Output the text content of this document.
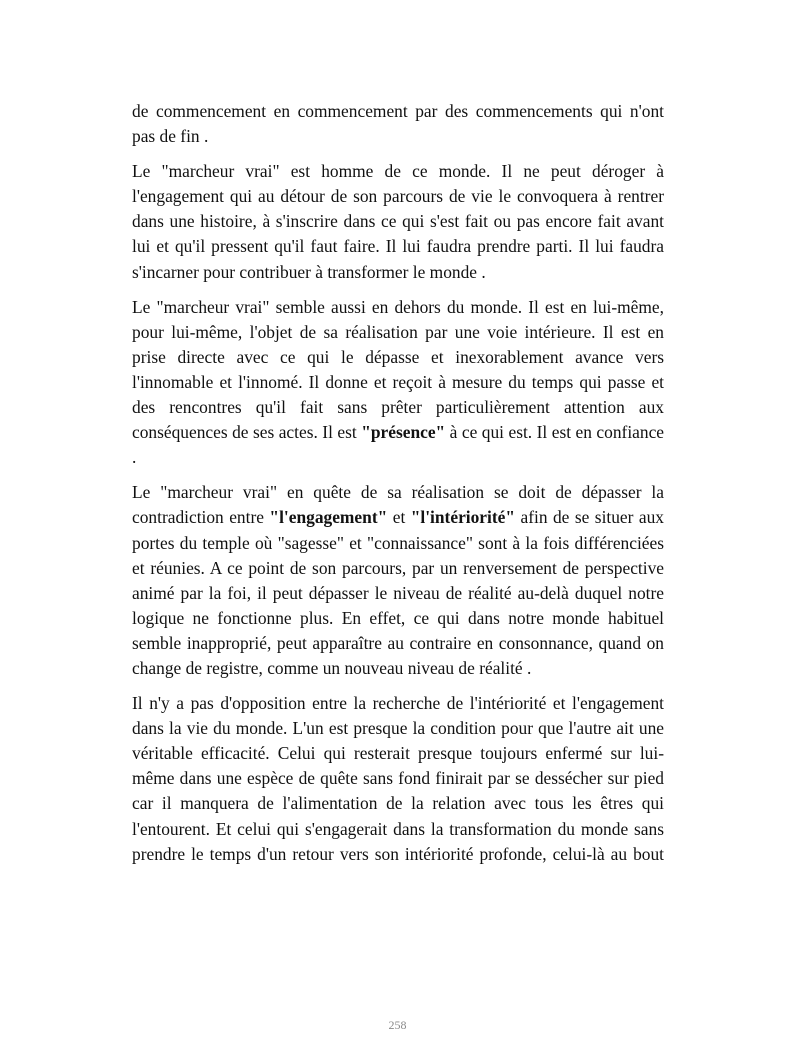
de commencement en commencement par des commencements qui n'ont pas de fin .

Le "marcheur vrai" est homme de ce monde. Il ne peut déroger à l'engagement qui au détour de son parcours de vie le convoquera à rentrer dans une histoire, à s'inscrire dans ce qui s'est fait ou pas encore fait avant lui et qu'il pressent qu'il faut faire. Il lui faudra prendre parti. Il lui faudra s'incarner pour contribuer à transformer le monde .

Le "marcheur vrai" semble aussi en dehors du monde. Il est en lui-même, pour lui-même, l'objet de sa réalisation par une voie intérieure. Il est en prise directe avec ce qui le dépasse et inexorablement avance vers l'innomable et l'innomé. Il donne et reçoit à mesure du temps qui passe et des rencontres qu'il fait sans prêter particulièrement attention aux conséquences de ses actes. Il est "présence" à ce qui est. Il est en confiance .

Le "marcheur vrai" en quête de sa réalisation se doit de dépasser la contradiction entre "l'engagement" et "l'intériorité" afin de se situer aux portes du temple où "sagesse" et "connaissance" sont à la fois différenciées et réunies. A ce point de son parcours, par un renversement de perspective animé par la foi, il peut dépasser le niveau de réalité au-delà duquel notre logique ne fonctionne plus. En effet, ce qui dans notre monde habituel semble inapproprié, peut apparaître au contraire en consonnance, quand on change de registre, comme un nouveau niveau de réalité .

Il n'y a pas d'opposition entre la recherche de l'intériorité et l'engagement dans la vie du monde. L'un est presque la condition pour que l'autre ait une véritable efficacité. Celui qui resterait presque toujours enfermé sur lui-même dans une espèce de quête sans fond finirait par se dessécher sur pied car il manquera de l'alimentation de la relation avec tous les êtres qui l'entourent. Et celui qui s'engagerait dans la transformation du monde sans prendre le temps d'un retour vers son intériorité profonde, celui-là au bout

258
